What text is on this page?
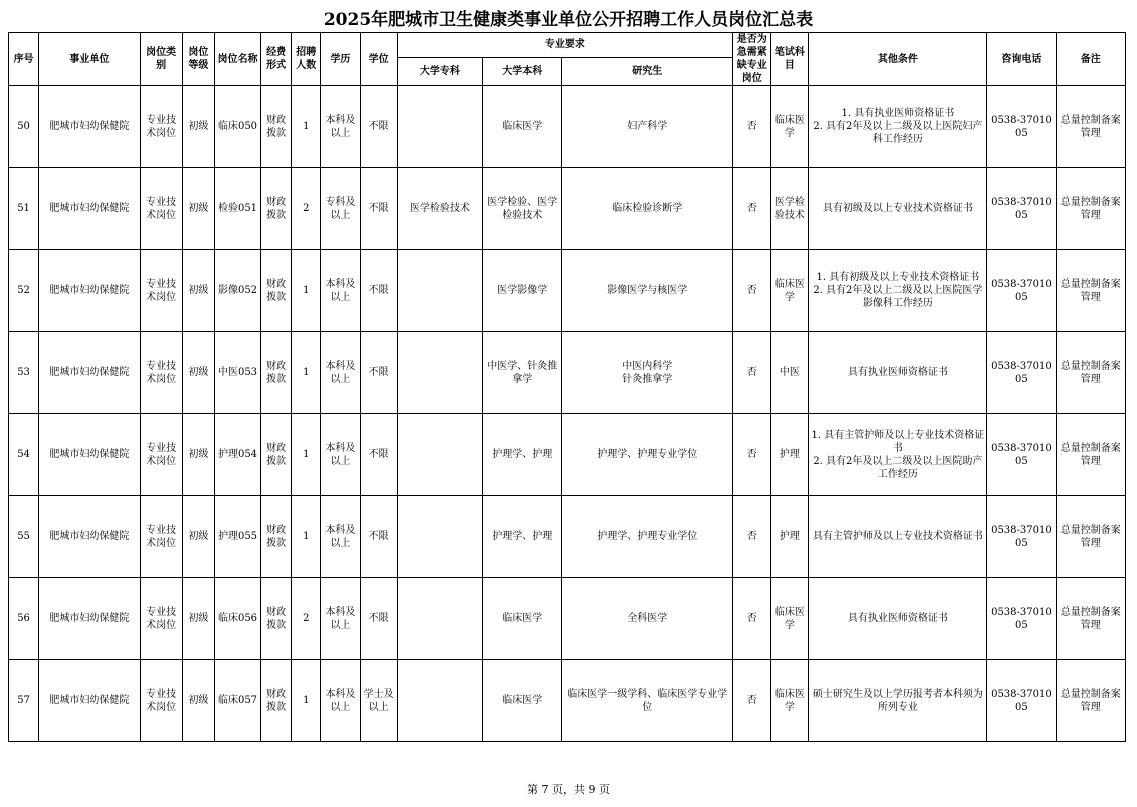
2025年肥城市卫生健康类事业单位公开招聘工作人员岗位汇总表
序号	事业单位	岗位类别	岗位等级	岗位名称	经费形式	招聘人数	学历	学位	专业要求			是否为急需紧缺专业岗位	笔试科目	其他条件	咨询电话	备注
									大学专科	大学本科	研究生					
50	肥城市妇幼保健院	专业技术岗位	初级	临床050	财政拨款	1	本科及以上	不限		临床医学	妇产科学	否	临床医学	1. 具有执业医师资格证书
2. 具有2年及以上二级及以上医院妇产科工作经历	0538-3701005	总量控制备案管理
51	肥城市妇幼保健院	专业技术岗位	初级	检验051	财政拨款	2	专科及以上	不限	医学检验技术	医学检验、医学检验技术	临床检验诊断学	否	医学检验技术	具有初级及以上专业技术资格证书	0538-3701005	总量控制备案管理
52	肥城市妇幼保健院	专业技术岗位	初级	影像052	财政拨款	1	本科及以上	不限		医学影像学	影像医学与核医学	否	临床医学	1. 具有初级及以上专业技术资格证书
2. 具有2年及以上二级及以上医院医学影像科工作经历	0538-3701005	总量控制备案管理
53	肥城市妇幼保健院	专业技术岗位	初级	中医053	财政拨款	1	本科及以上	不限		中医学、针灸推拿学	中医内科学
针灸推拿学	否	中医	具有执业医师资格证书	0538-3701005	总量控制备案管理
54	肥城市妇幼保健院	专业技术岗位	初级	护理054	财政拨款	1	本科及以上	不限		护理学、护理	护理学、护理专业学位	否	护理	1. 具有主管护师及以上专业技术资格证书
2. 具有2年及以上二级及以上医院助产工作经历	0538-3701005	总量控制备案管理
55	肥城市妇幼保健院	专业技术岗位	初级	护理055	财政拨款	1	本科及以上	不限		护理学、护理	护理学、护理专业学位	否	护理	具有主管护师及以上专业技术资格证书	0538-3701005	总量控制备案管理
56	肥城市妇幼保健院	专业技术岗位	初级	临床056	财政拨款	2	本科及以上	不限		临床医学	全科医学	否	临床医学	具有执业医师资格证书	0538-3701005	总量控制备案管理
57	肥城市妇幼保健院	专业技术岗位	初级	临床057	财政拨款	1	本科及以上	学士及以上		临床医学	临床医学一级学科、临床医学专业学位	否	临床医学	硕士研究生及以上学历报考者本科须为所列专业	0538-3701005	总量控制备案管理
第 7 页，共 9 页
